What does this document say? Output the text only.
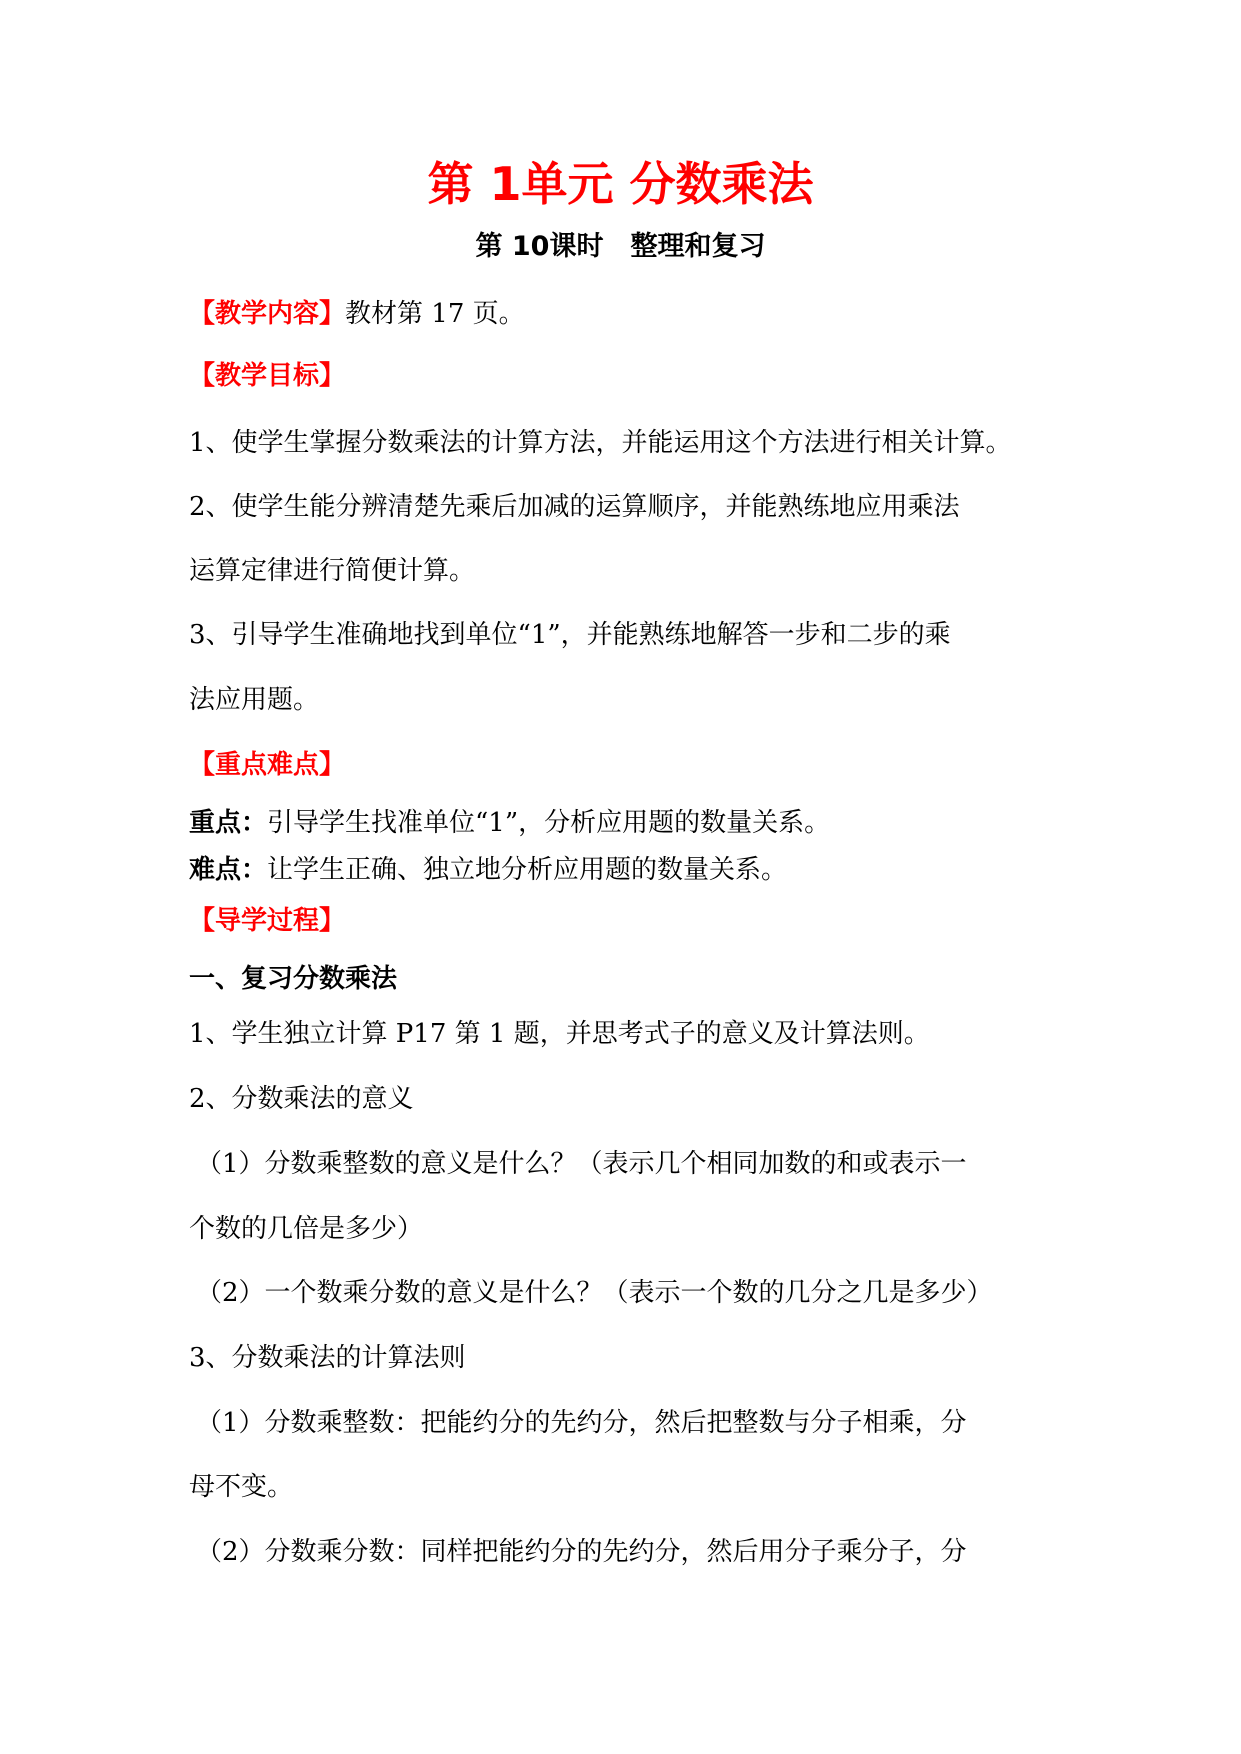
第 1单元 分数乘法
第 10课时　整理和复习
【教学内容】教材第 17 页。
【教学目标】
1、使学生掌握分数乘法的计算方法，并能运用这个方法进行相关计算。
2、使学生能分辨清楚先乘后加减的运算顺序，并能熟练地应用乘法
运算定律进行简便计算。
3、引导学生准确地找到单位“1”，并能熟练地解答一步和二步的乘
法应用题。
【重点难点】
重点：引导学生找准单位“1”，分析应用题的数量关系。
难点：让学生正确、独立地分析应用题的数量关系。
【导学过程】
一、复习分数乘法
1、学生独立计算 P17 第 1 题，并思考式子的意义及计算法则。
2、分数乘法的意义
（1）分数乘整数的意义是什么？（表示几个相同加数的和或表示一
个数的几倍是多少）
（2）一个数乘分数的意义是什么？（表示一个数的几分之几是多少）
3、分数乘法的计算法则
（1）分数乘整数：把能约分的先约分，然后把整数与分子相乘，分
母不变。
（2）分数乘分数：同样把能约分的先约分，然后用分子乘分子，分
